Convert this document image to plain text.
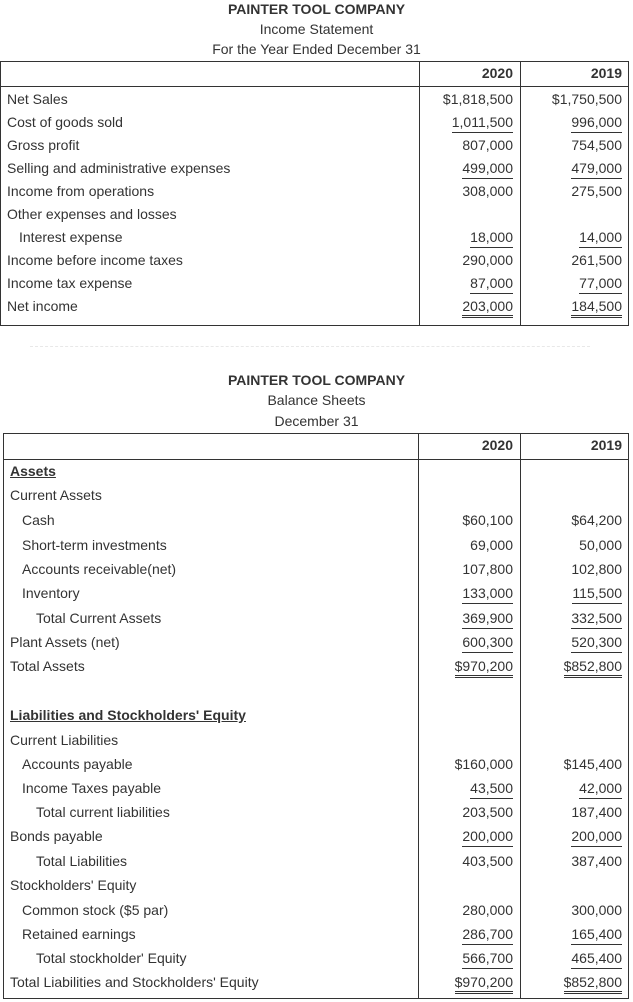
PAINTER TOOL COMPANY
Income Statement
For the Year Ended December 31
2020	2019
Net Sales	$1,818,500	$1,750,500
Cost of goods sold	1,011,500	996,000
Gross profit	807,000	754,500
Selling and administrative expenses	499,000	479,000
Income from operations	308,000	275,500
Other expenses and losses
Interest expense	18,000	14,000
Income before income taxes	290,000	261,500
Income tax expense	87,000	77,000
Net income	203,000	184,500
PAINTER TOOL COMPANY
Balance Sheets
December 31
2020	2019
Assets
Current Assets
Cash	$60,100	$64,200
Short-term investments	69,000	50,000
Accounts receivable(net)	107,800	102,800
Inventory	133,000	115,500
Total Current Assets	369,900	332,500
Plant Assets (net)	600,300	520,300
Total Assets	$970,200	$852,800
Liabilities and Stockholders' Equity
Current Liabilities
Accounts payable	$160,000	$145,400
Income Taxes payable	43,500	42,000
Total current liabilities	203,500	187,400
Bonds payable	200,000	200,000
Total Liabilities	403,500	387,400
Stockholders' Equity
Common stock ($5 par)	280,000	300,000
Retained earnings	286,700	165,400
Total stockholder' Equity	566,700	465,400
Total Liabilities and Stockholders' Equity	$970,200	$852,800
